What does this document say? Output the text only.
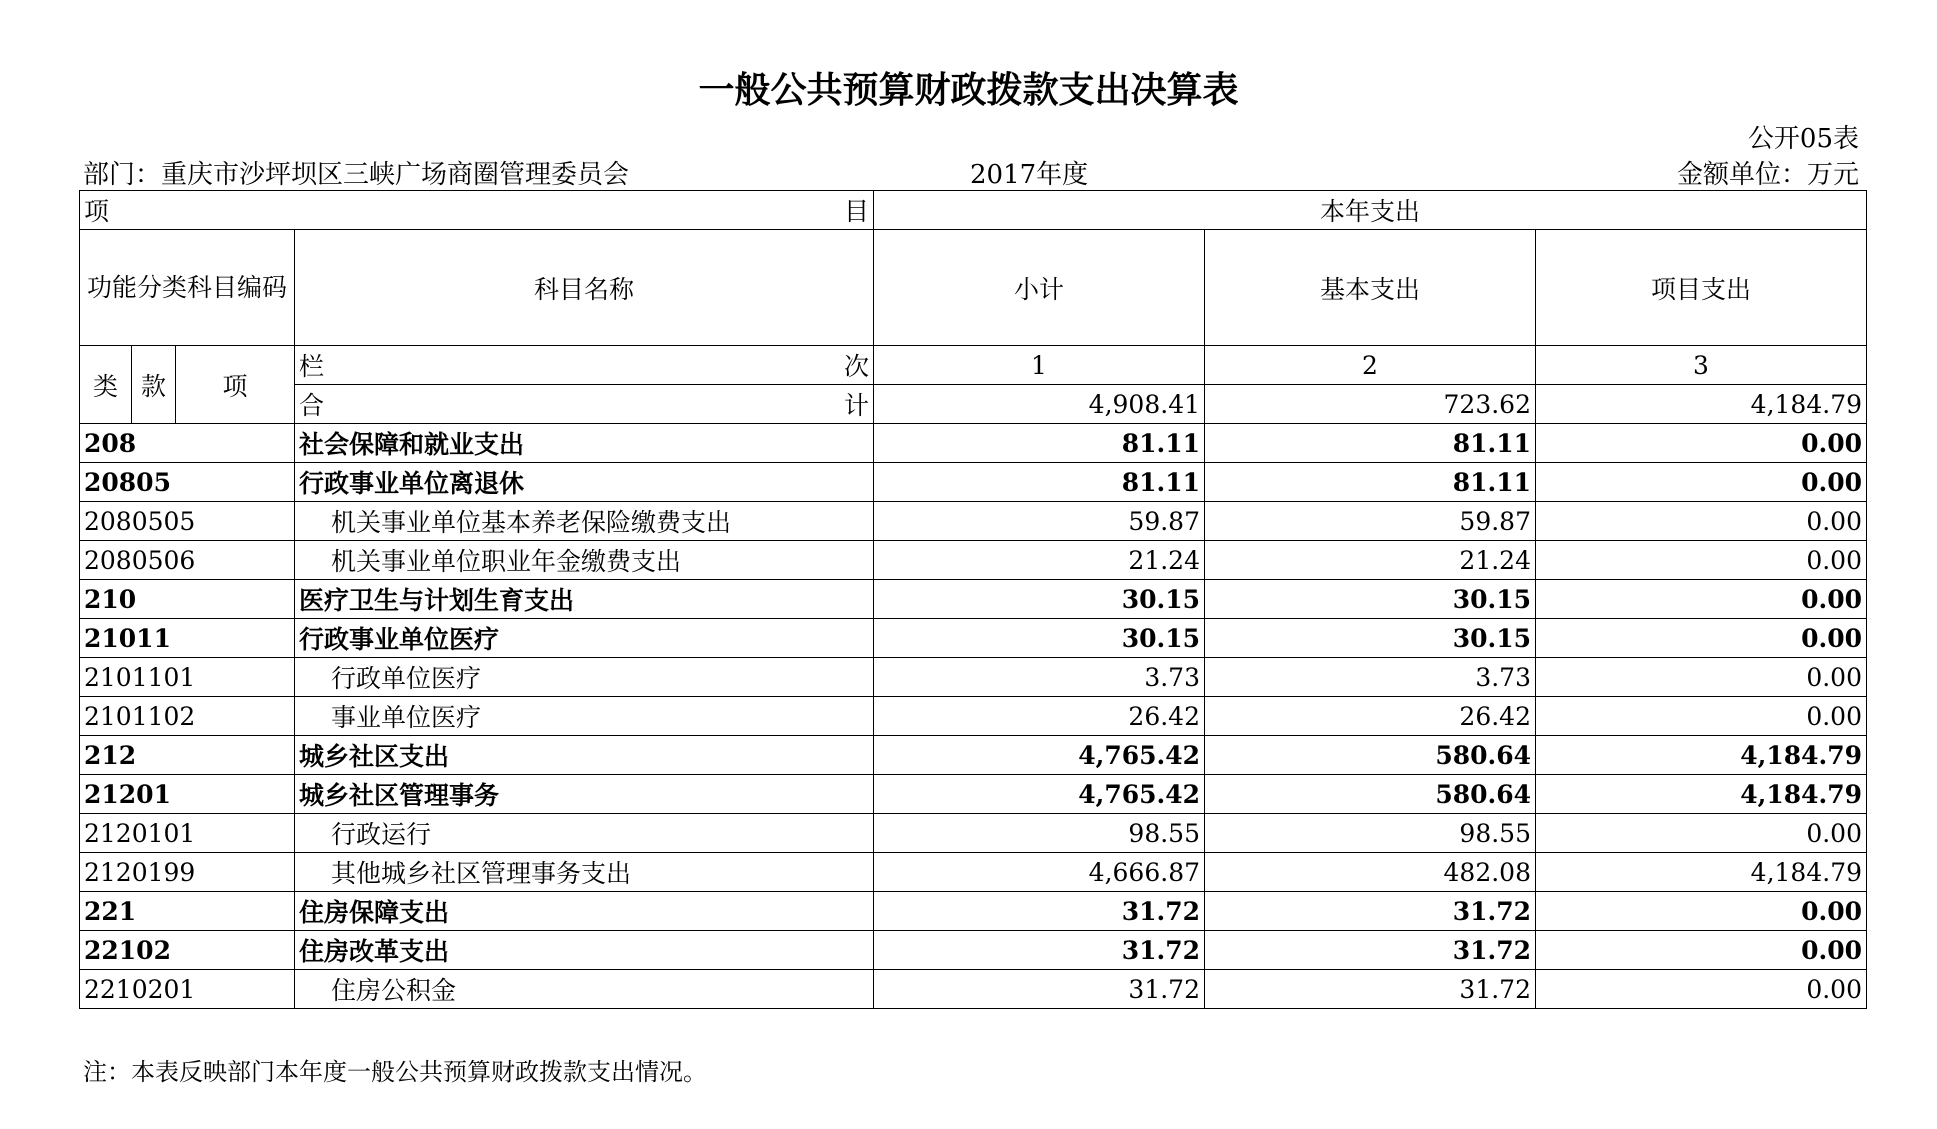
一般公共预算财政拨款支出决算表
公开05表
部门：重庆市沙坪坝区三峡广场商圈管理委员会	2017年度	金额单位：万元
项 目				本年支出		
功能分类科目编码			科目名称	小计	基本支出	项目支出
类	款	项	栏 次	1	2	3

			合 计	4,908.41	723.62	4,184.79
208			社会保障和就业支出	81.11	81.11	0.00
20805			行政事业单位离退休	81.11	81.11	0.00
2080505			机关事业单位基本养老保险缴费支出	59.87	59.87	0.00
2080506			机关事业单位职业年金缴费支出	21.24	21.24	0.00
210			医疗卫生与计划生育支出	30.15	30.15	0.00
21011			行政事业单位医疗	30.15	30.15	0.00
2101101			行政单位医疗	3.73	3.73	0.00
2101102			事业单位医疗	26.42	26.42	0.00
212			城乡社区支出	4,765.42	580.64	4,184.79
21201			城乡社区管理事务	4,765.42	580.64	4,184.79
2120101			行政运行	98.55	98.55	0.00
2120199			其他城乡社区管理事务支出	4,666.87	482.08	4,184.79
221			住房保障支出	31.72	31.72	0.00
22102			住房改革支出	31.72	31.72	0.00
2210201			住房公积金	31.72	31.72	0.00
注：本表反映部门本年度一般公共预算财政拨款支出情况。
